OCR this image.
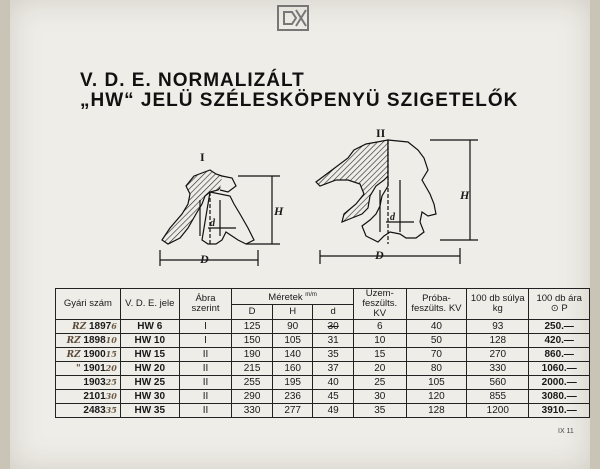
V. D. E. NORMALIZÁLT
„HW“ JELÜ SZÉLESKÖPENYÜ SZIGETELŐK
I
II
D	D
H
H
d
d
Gyári szám	V. D. E. jele	Ábra szerint	Méretek $^{m/m}$			Üzem-feszülts. KV	Próba-feszülts. KV	100 db súlya kg	100 db ára ⊙ P
			D	H	d				
RZ 18976	HW 6	I	125	90	30	6	40	93	250.—
RZ 189810	HW 10	I	150	105	31	10	50	128	420.—
RZ 190015	HW 15	II	190	140	35	15	70	270	860.—
" 190120	HW 20	II	215	160	37	20	80	330	1060.—
190325	HW 25	II	255	195	40	25	105	560	2000.—
210130	HW 30	II	290	236	45	30	120	855	3080.—
248335	HW 35	II	330	277	49	35	128	1200	3910.—
IX 11
